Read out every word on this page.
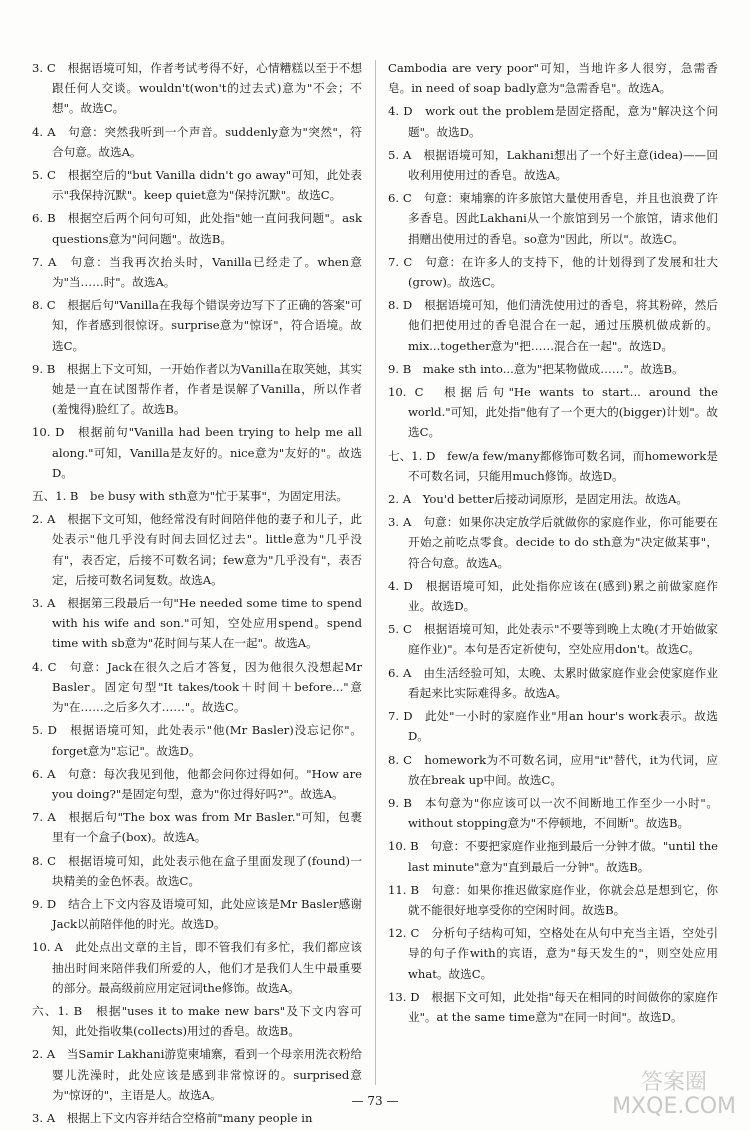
3. C　根据语境可知，作者考试考得不好，心情糟糕以至于不想跟任何人交谈。wouldn't(won't的过去式)意为"不会；不想"。故选C。

4. A　句意：突然我听到一个声音。suddenly意为"突然"，符合句意。故选A。

5. C　根据空后的"but Vanilla didn't go away"可知，此处表示"我保持沉默"。keep quiet意为"保持沉默"。故选C。

6. B　根据空后两个问句可知，此处指"她一直问我问题"。ask questions意为"问问题"。故选B。

7. A　句意：当我再次抬头时，Vanilla已经走了。when意为"当……时"。故选A。

8. C　根据后句"Vanilla在我每个错误旁边写下了正确的答案"可知，作者感到很惊讶。surprise意为"惊讶"，符合语境。故选C。

9. B　根据上下文可知，一开始作者以为Vanilla在取笑她，其实她是一直在试图帮作者，作者是误解了Vanilla，所以作者(羞愧得)脸红了。故选B。

10. D　根据前句"Vanilla had been trying to help me all along."可知，Vanilla是友好的。nice意为"友好的"。故选D。

五、1. B　be busy with sth意为"忙于某事"，为固定用法。

2. A　根据下文可知，他经常没有时间陪伴他的妻子和儿子，此处表示"他几乎没有时间去回忆过去"。little意为"几乎没有"，表否定，后接不可数名词；few意为"几乎没有"，表否定，后接可数名词复数。故选A。

3. A　根据第三段最后一句"He needed some time to spend with his wife and son."可知，空处应用spend。spend time with sb意为"花时间与某人在一起"。故选A。

4. C　句意：Jack在很久之后才答复，因为他很久没想起Mr Basler。固定句型"It takes/took＋时间＋before..."意为"在……之后多久才……"。故选C。

5. D　根据语境可知，此处表示"他(Mr Basler)没忘记你"。forget意为"忘记"。故选D。

6. A　句意：每次我见到他，他都会问你过得如何。"How are you doing?"是固定句型，意为"你过得好吗?"。故选A。

7. A　根据后句"The box was from Mr Basler."可知，包裹里有一个盒子(box)。故选A。

8. C　根据语境可知，此处表示他在盒子里面发现了(found)一块精美的金色怀表。故选C。

9. D　结合上下文内容及语境可知，此处应该是Mr Basler感谢Jack以前陪伴他的时光。故选D。

10. A　此处点出文章的主旨，即不管我们有多忙，我们都应该抽出时间来陪伴我们所爱的人，他们才是我们人生中最重要的部分。最高级前应用定冠词the修饰。故选A。

六、1. B　根据"uses it to make new bars"及下文内容可知，此处指收集(collects)用过的香皂。故选B。

2. A　当Samir Lakhani游览柬埔寨，看到一个母亲用洗衣粉给婴儿洗澡时，此处应该是感到非常惊讶的。surprised意为"惊讶的"，主语是人。故选A。

3. A　根据上下文内容并结合空格前"many people in

Cambodia are very poor"可知，当地许多人很穷，急需香皂。in need of soap badly意为"急需香皂"。故选A。

4. D　work out the problem是固定搭配，意为"解决这个问题"。故选D。

5. A　根据语境可知，Lakhani想出了一个好主意(idea)——回收利用使用过的香皂。故选A。

6. C　句意：柬埔寨的许多旅馆大量使用香皂，并且也浪费了许多香皂。因此Lakhani从一个旅馆到另一个旅馆，请求他们捐赠出使用过的香皂。so意为"因此，所以"。故选C。

7. C　句意：在许多人的支持下，他的计划得到了发展和壮大(grow)。故选C。

8. D　根据语境可知，他们清洗使用过的香皂，将其粉碎，然后他们把使用过的香皂混合在一起，通过压膜机做成新的。mix...together意为"把……混合在一起"。故选D。

9. B　make sth into...意为"把某物做成……"。故选B。

10. C　根据后句"He wants to start... around the world."可知，此处指"他有了一个更大的(bigger)计划"。故选C。

七、1. D　few/a few/many都修饰可数名词，而homework是不可数名词，只能用much修饰。故选D。

2. A　You'd better后接动词原形，是固定用法。故选A。

3. A　句意：如果你决定放学后就做你的家庭作业，你可能要在开始之前吃点零食。decide to do sth意为"决定做某事"，符合句意。故选A。

4. D　根据语境可知，此处指你应该在(感到)累之前做家庭作业。故选D。

5. C　根据语境可知，此处表示"不要等到晚上太晚(才开始做家庭作业)"。本句是否定祈使句，空处应用don't。故选C。

6. A　由生活经验可知，太晚、太累时做家庭作业会使家庭作业看起来比实际难得多。故选A。

7. D　此处"一小时的家庭作业"用an hour's work表示。故选D。

8. C　homework为不可数名词，应用"it"替代，it为代词，应放在break up中间。故选C。

9. B　本句意为"你应该可以一次不间断地工作至少一小时"。without stopping意为"不停顿地，不间断"。故选B。

10. B　句意：不要把家庭作业拖到最后一分钟才做。"until the last minute"意为"直到最后一分钟"。故选B。

11. B　句意：如果你推迟做家庭作业，你就会总是想到它，你就不能很好地享受你的空闲时间。故选B。

12. C　分析句子结构可知，空格处在从句中充当主语，空处引导的句子作with的宾语，意为"每天发生的"，则空处应用what。故选C。

13. D　根据下文可知，此处指"每天在相同的时间做你的家庭作业"。at the same time意为"在同一时间"。故选D。

— 73 —
答案圈
MXQE.COM
